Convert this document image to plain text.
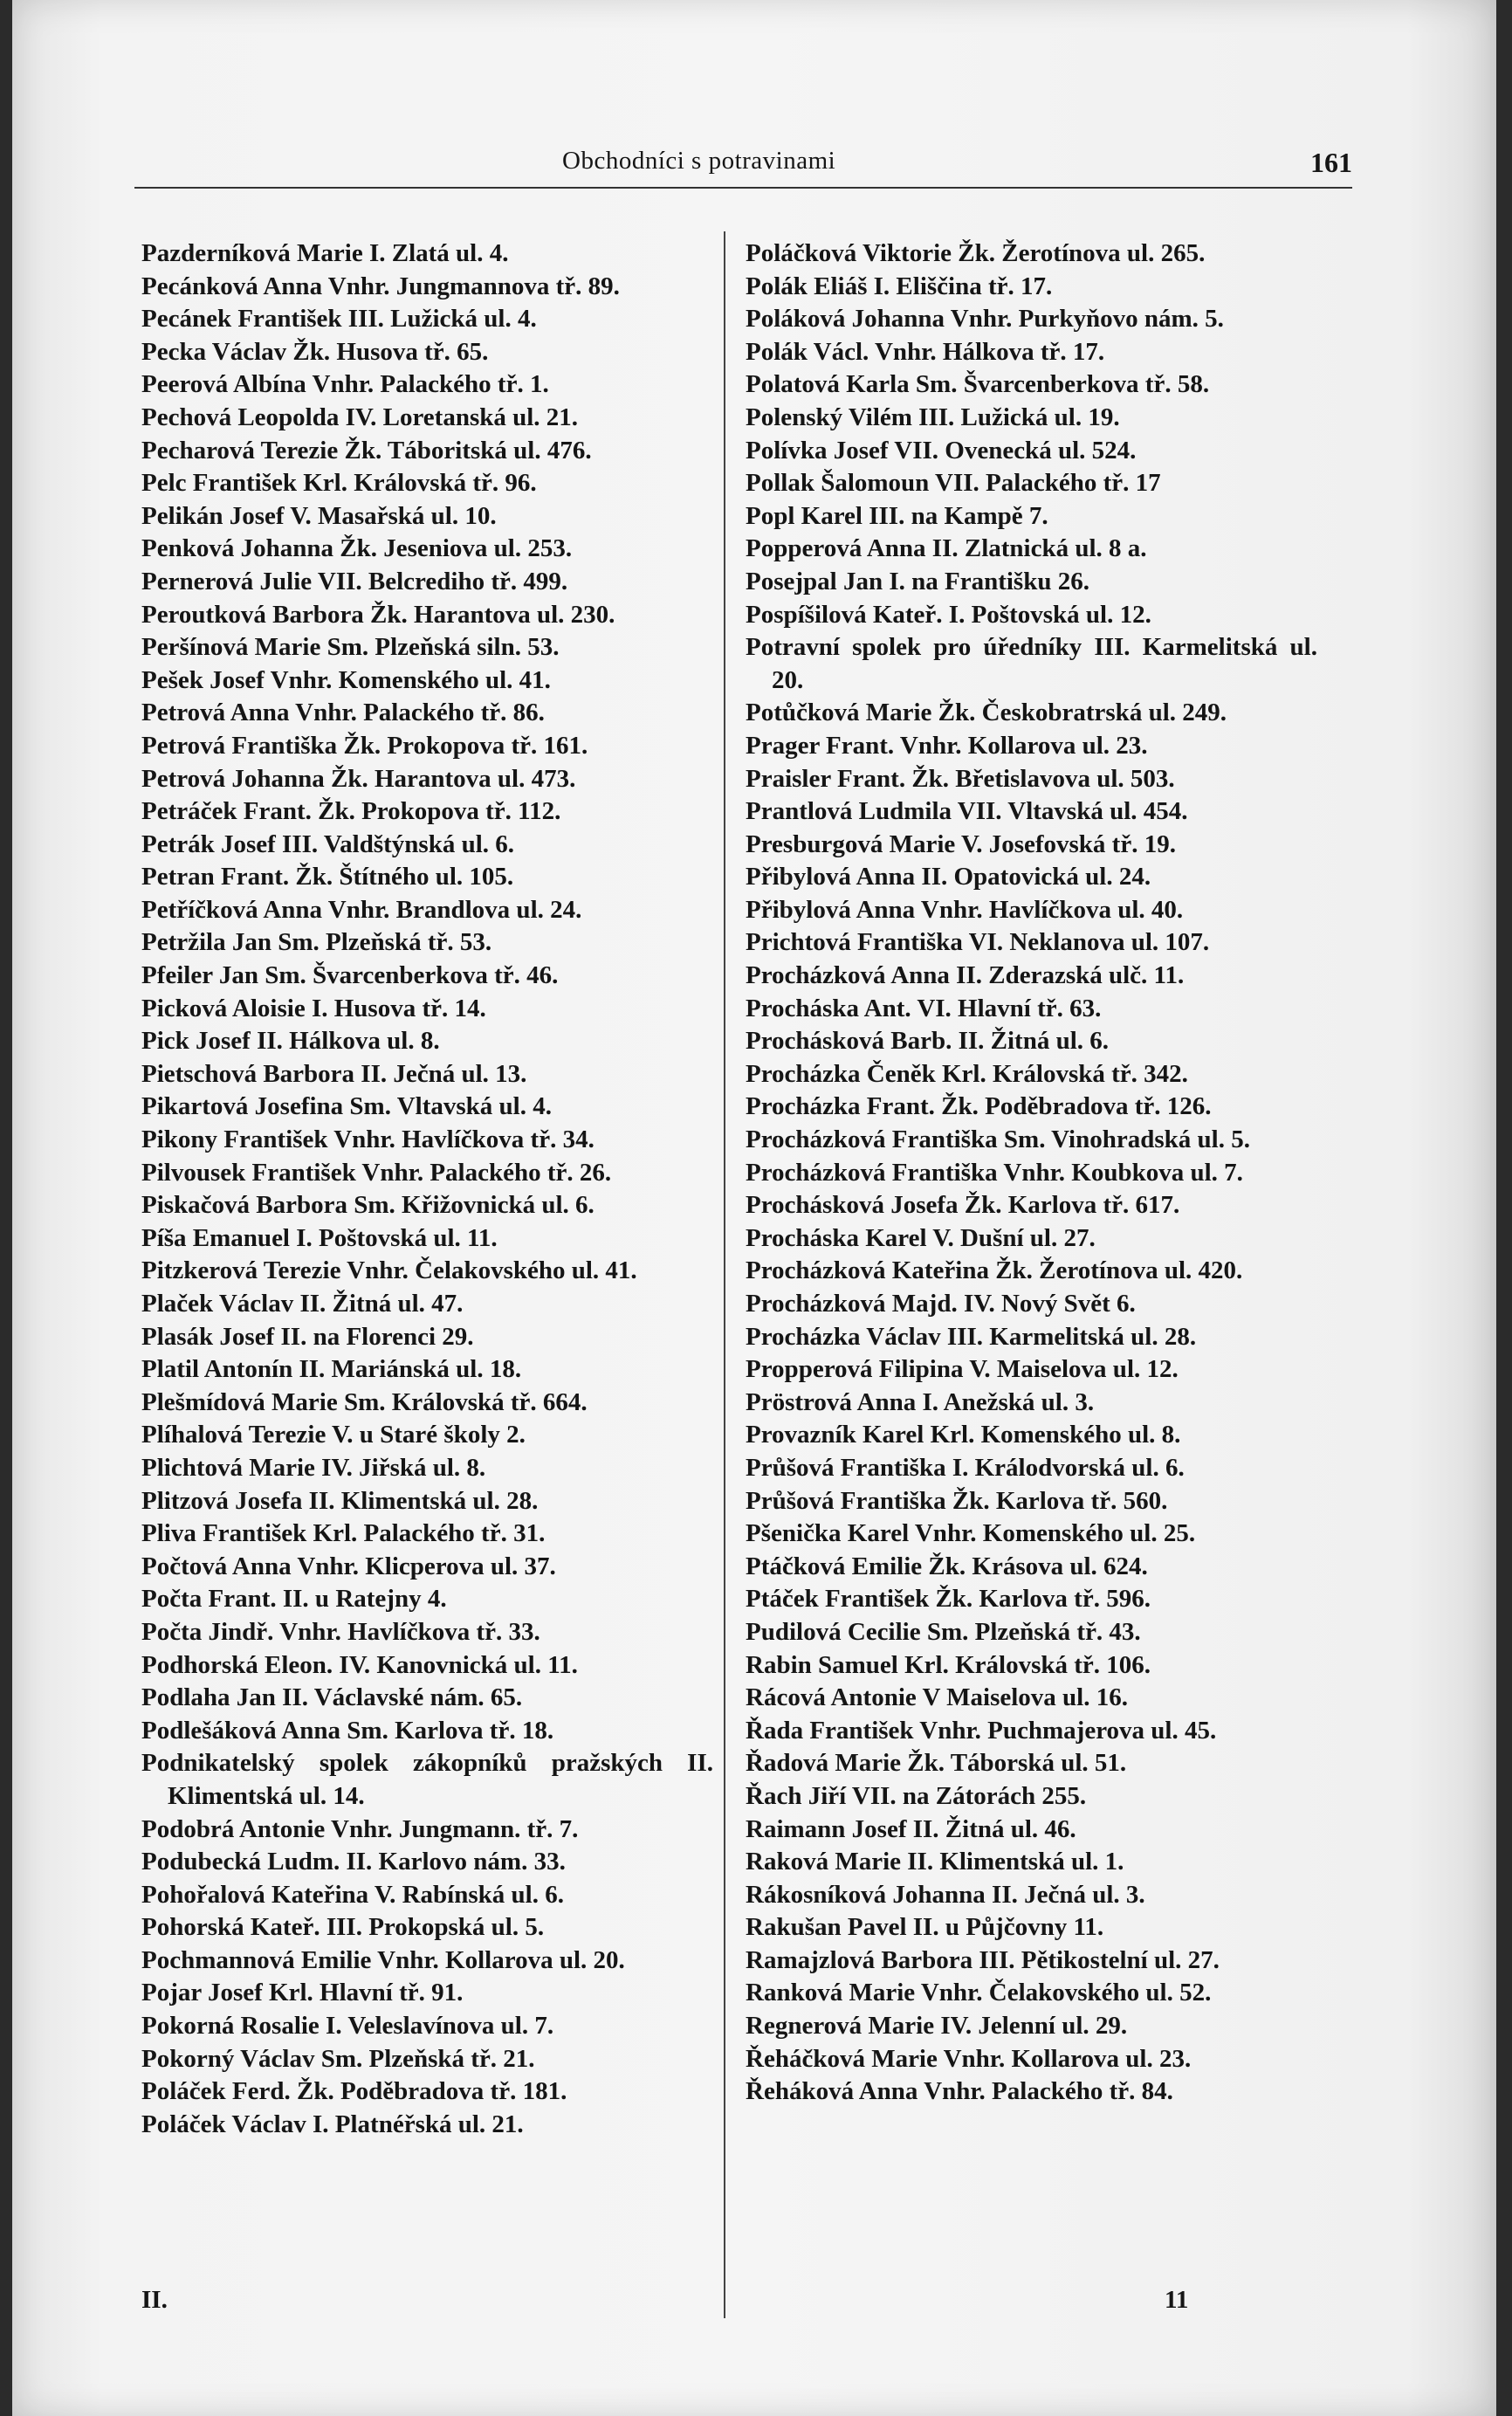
Obchodníci s potravinami	161
Pazderníková Marie I. Zlatá ul. 4.
Pecánková Anna Vnhr. Jungmannova tř. 89.
Pecánek František III. Lužická ul. 4.
Pecka Václav Žk. Husova tř. 65.
Peerová Albína Vnhr. Palackého tř. 1.
Pechová Leopolda IV. Loretanská ul. 21.
Pecharová Terezie Žk. Táboritská ul. 476.
Pelc František Krl. Královská tř. 96.
Pelikán Josef V. Masařská ul. 10.
Penková Johanna Žk. Jeseniova ul. 253.
Pernerová Julie VII. Belcrediho tř. 499.
Peroutková Barbora Žk. Harantova ul. 230.
Peršínová Marie Sm. Plzeňská siln. 53.
Pešek Josef Vnhr. Komenského ul. 41.
Petrová Anna Vnhr. Palackého tř. 86.
Petrová Františka Žk. Prokopova tř. 161.
Petrová Johanna Žk. Harantova ul. 473.
Petráček Frant. Žk. Prokopova tř. 112.
Petrák Josef III. Valdštýnská ul. 6.
Petran Frant. Žk. Štítného ul. 105.
Petříčková Anna Vnhr. Brandlova ul. 24.
Petržila Jan Sm. Plzeňská tř. 53.
Pfeiler Jan Sm. Švarcenberkova tř. 46.
Picková Aloisie I. Husova tř. 14.
Pick Josef II. Hálkova ul. 8.
Pietschová Barbora II. Ječná ul. 13.
Pikartová Josefina Sm. Vltavská ul. 4.
Pikony František Vnhr. Havlíčkova tř. 34.
Pilvousek František Vnhr. Palackého tř. 26.
Piskačová Barbora Sm. Křižovnická ul. 6.
Píša Emanuel I. Poštovská ul. 11.
Pitzkerová Terezie Vnhr. Čelakovského ul. 41.
Plaček Václav II. Žitná ul. 47.
Plasák Josef II. na Florenci 29.
Platil Antonín II. Mariánská ul. 18.
Plešmídová Marie Sm. Královská tř. 664.
Plíhalová Terezie V. u Staré školy 2.
Plichtová Marie IV. Jiřská ul. 8.
Plitzová Josefa II. Klimentská ul. 28.
Pliva František Krl. Palackého tř. 31.
Počtová Anna Vnhr. Klicperova ul. 37.
Počta Frant. II. u Ratejny 4.
Počta Jindř. Vnhr. Havlíčkova tř. 33.
Podhorská Eleon. IV. Kanovnická ul. 11.
Podlaha Jan II. Václavské nám. 65.
Podlešáková Anna Sm. Karlova tř. 18.
Podnikatelský spolek zákopníků pražských II. Klimentská ul. 14.
Podobrá Antonie Vnhr. Jungmann. tř. 7.
Podubecká Ludm. II. Karlovo nám. 33.
Pohořalová Kateřina V. Rabínská ul. 6.
Pohorská Kateř. III. Prokopská ul. 5.
Pochmannová Emilie Vnhr. Kollarova ul. 20.
Pojar Josef Krl. Hlavní tř. 91.
Pokorná Rosalie I. Veleslavínova ul. 7.
Pokorný Václav Sm. Plzeňská tř. 21.
Poláček Ferd. Žk. Poděbradova tř. 181.
Poláček Václav I. Platnéřská ul. 21.
Poláčková Viktorie Žk. Žerotínova ul. 265.
Polák Eliáš I. Eliščina tř. 17.
Poláková Johanna Vnhr. Purkyňovo nám. 5.
Polák Václ. Vnhr. Hálkova tř. 17.
Polatová Karla Sm. Švarcenberkova tř. 58.
Polenský Vilém III. Lužická ul. 19.
Polívka Josef VII. Ovenecká ul. 524.
Pollak Šalomoun VII. Palackého tř. 17
Popl Karel III. na Kampě 7.
Popperová Anna II. Zlatnická ul. 8 a.
Posejpal Jan I. na Františku 26.
Pospíšilová Kateř. I. Poštovská ul. 12.
Potravní spolek pro úředníky III. Karmelitská ul. 20.
Potůčková Marie Žk. Českobratrská ul. 249.
Prager Frant. Vnhr. Kollarova ul. 23.
Praisler Frant. Žk. Břetislavova ul. 503.
Prantlová Ludmila VII. Vltavská ul. 454.
Presburgová Marie V. Josefovská tř. 19.
Přibylová Anna II. Opatovická ul. 24.
Přibylová Anna Vnhr. Havlíčkova ul. 40.
Prichtová Františka VI. Neklanova ul. 107.
Procházková Anna II. Zderazská ulč. 11.
Procháska Ant. VI. Hlavní tř. 63.
Prochásková Barb. II. Žitná ul. 6.
Procházka Čeněk Krl. Královská tř. 342.
Procházka Frant. Žk. Poděbradova tř. 126.
Procházková Františka Sm. Vinohradská ul. 5.
Procházková Františka Vnhr. Koubkova ul. 7.
Prochásková Josefa Žk. Karlova tř. 617.
Procháska Karel V. Dušní ul. 27.
Procházková Kateřina Žk. Žerotínova ul. 420.
Procházková Majd. IV. Nový Svět 6.
Procházka Václav III. Karmelitská ul. 28.
Propperová Filipina V. Maiselova ul. 12.
Pröstrová Anna I. Anežská ul. 3.
Provazník Karel Krl. Komenského ul. 8.
Průšová Františka I. Králodvorská ul. 6.
Průšová Františka Žk. Karlova tř. 560.
Pšenička Karel Vnhr. Komenského ul. 25.
Ptáčková Emilie Žk. Krásova ul. 624.
Ptáček František Žk. Karlova tř. 596.
Pudilová Cecilie Sm. Plzeňská tř. 43.
Rabin Samuel Krl. Královská tř. 106.
Rácová Antonie V Maiselova ul. 16.
Řada František Vnhr. Puchmajerova ul. 45.
Řadová Marie Žk. Táborská ul. 51.
Řach Jiří VII. na Zátorách 255.
Raimann Josef II. Žitná ul. 46.
Raková Marie II. Klimentská ul. 1.
Rákosníková Johanna II. Ječná ul. 3.
Rakušan Pavel II. u Půjčovny 11.
Ramajzlová Barbora III. Pětikostelní ul. 27.
Ranková Marie Vnhr. Čelakovského ul. 52.
Regnerová Marie IV. Jelenní ul. 29.
Řeháčková Marie Vnhr. Kollarova ul. 23.
Řeháková Anna Vnhr. Palackého tř. 84.
II.	11
